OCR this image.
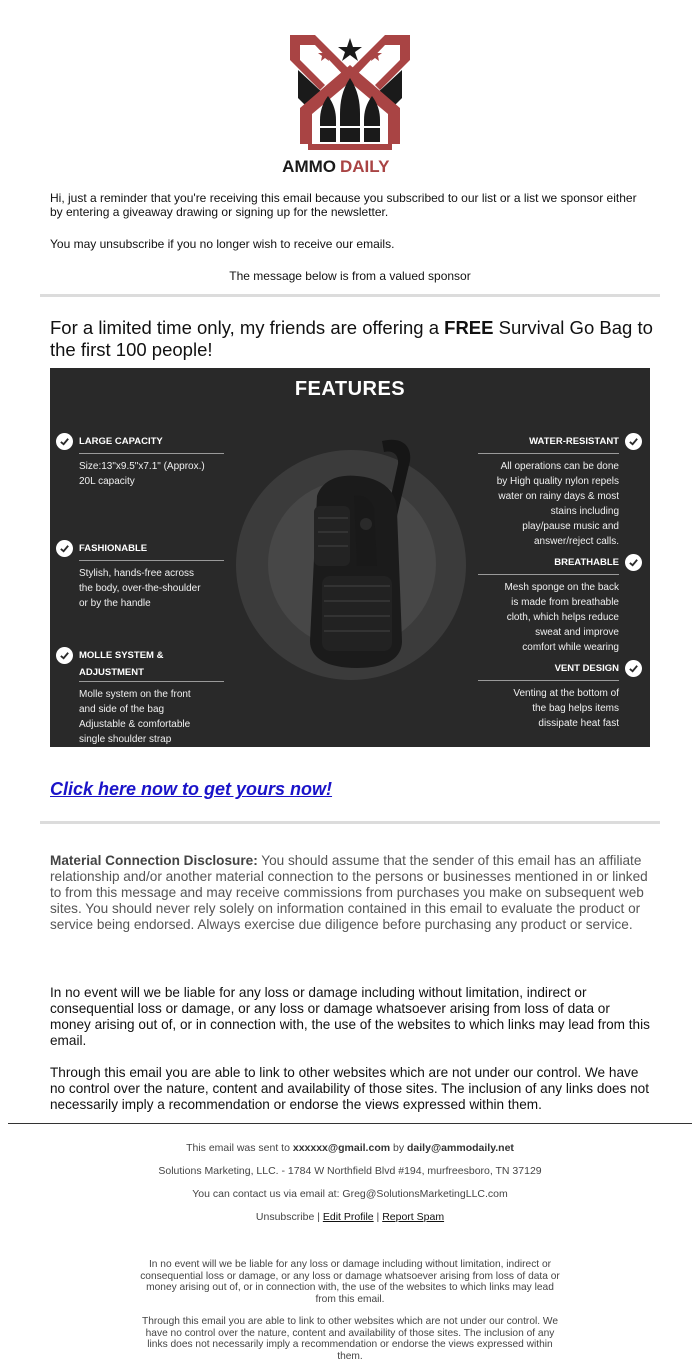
AMMO DAILY

Hi, just a reminder that you're receiving this email because you subscribed to our list or a list we sponsor either by entering a giveaway drawing or signing up for the newsletter.

You may unsubscribe if you no longer wish to receive our emails.

The message below is from a valued sponsor

For a limited time only, my friends are offering a FREE Survival Go Bag to the first 100 people!

FEATURES
LARGE CAPACITY
Size:13"x9.5"x7.1" (Approx.)
20L capacity
FASHIONABLE
Stylish, hands-free across
the body, over-the-shoulder
or by the handle
MOLLE SYSTEM &
ADJUSTMENT
Molle system on the front
and side of the bag
Adjustable & comfortable
single shoulder strap
WATER-RESISTANT
All operations can be done
by High quality nylon repels
water on rainy days & most
stains including
play/pause music and
answer/reject calls.
BREATHABLE
Mesh sponge on the back
is made from breathable
cloth, which helps reduce
sweat and improve
comfort while wearing
VENT DESIGN
Venting at the bottom of
the bag helps items
dissipate heat fast
Click here now to get yours now!

Material Connection Disclosure: You should assume that the sender of this email has an affiliate relationship and/or another material connection to the persons or businesses mentioned in or linked to from this message and may receive commissions from purchases you make on subsequent web sites. You should never rely solely on information contained in this email to evaluate the product or service being endorsed. Always exercise due diligence before purchasing any product or service.

In no event will we be liable for any loss or damage including without limitation, indirect or consequential loss or damage, or any loss or damage whatsoever arising from loss of data or money arising out of, or in connection with, the use of the websites to which links may lead from this email.

Through this email you are able to link to other websites which are not under our control. We have no control over the nature, content and availability of those sites. The inclusion of any links does not necessarily imply a recommendation or endorse the views expressed within them.

This email was sent to xxxxxx@gmail.com by daily@ammodaily.net

Solutions Marketing, LLC. - 1784 W Northfield Blvd #194, murfreesboro, TN 37129

You can contact us via email at: Greg@SolutionsMarketingLLC.com

Unsubscribe | Edit Profile | Report Spam

In no event will we be liable for any loss or damage including without limitation, indirect or consequential loss or damage, or any loss or damage whatsoever arising from loss of data or money arising out of, or in connection with, the use of the websites to which links may lead from this email.

Through this email you are able to link to other websites which are not under our control. We have no control over the nature, content and availability of those sites. The inclusion of any links does not necessarily imply a recommendation or endorse the views expressed within them.
